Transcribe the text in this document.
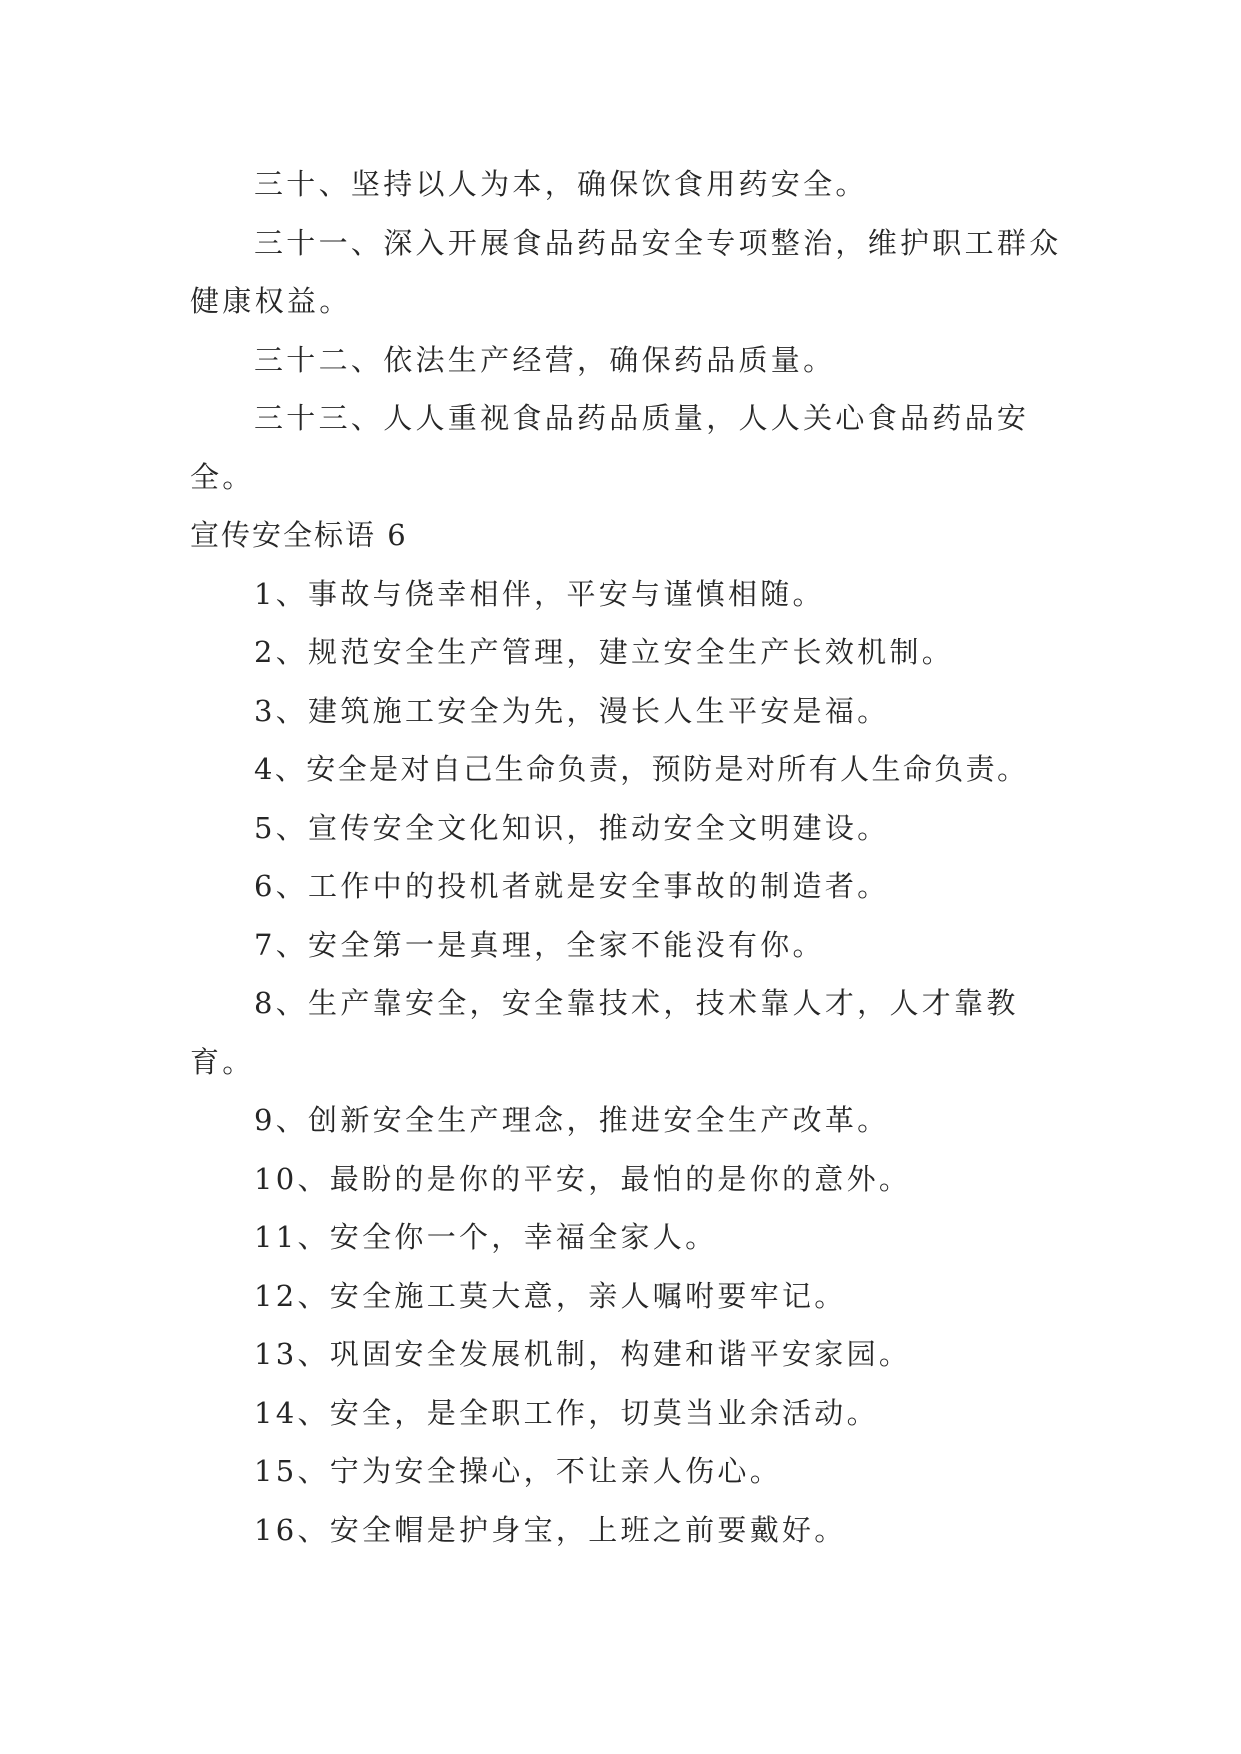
三十、坚持以人为本，确保饮食用药安全。

三十一、深入开展食品药品安全专项整治，维护职工群众健康权益。

三十二、依法生产经营，确保药品质量。

三十三、人人重视食品药品质量，人人关心食品药品安全。

宣传安全标语 6

1、事故与侥幸相伴，平安与谨慎相随。

2、规范安全生产管理，建立安全生产长效机制。

3、建筑施工安全为先，漫长人生平安是福。

4、安全是对自己生命负责，预防是对所有人生命负责。

5、宣传安全文化知识，推动安全文明建设。

6、工作中的投机者就是安全事故的制造者。

7、安全第一是真理，全家不能没有你。

8、生产靠安全，安全靠技术，技术靠人才，人才靠教育。

9、创新安全生产理念，推进安全生产改革。

10、最盼的是你的平安，最怕的是你的意外。

11、安全你一个，幸福全家人。

12、安全施工莫大意，亲人嘱咐要牢记。

13、巩固安全发展机制，构建和谐平安家园。

14、安全，是全职工作，切莫当业余活动。

15、宁为安全操心，不让亲人伤心。

16、安全帽是护身宝，上班之前要戴好。
